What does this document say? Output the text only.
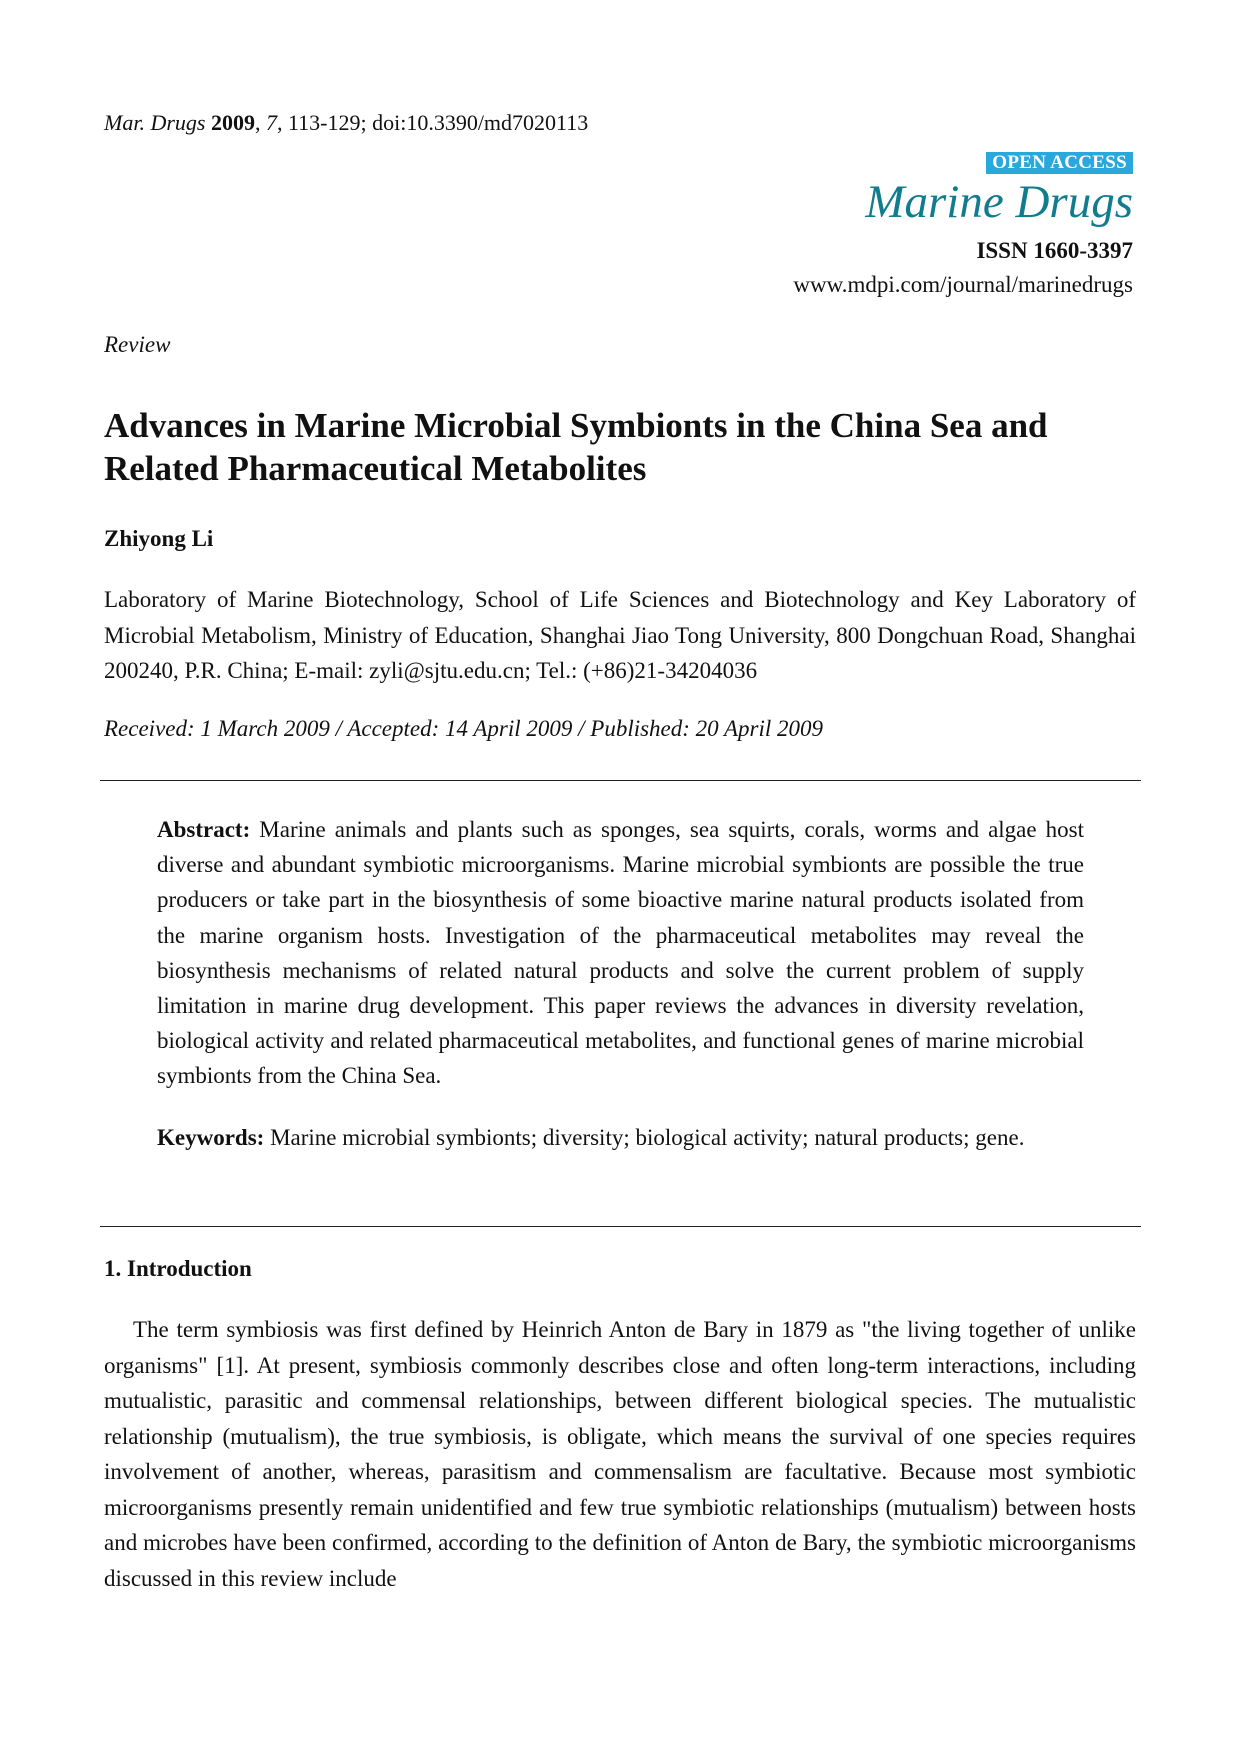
Mar. Drugs 2009, 7, 113-129; doi:10.3390/md7020113
OPEN ACCESS
Marine Drugs
ISSN 1660-3397
www.mdpi.com/journal/marinedrugs
Review
Advances in Marine Microbial Symbionts in the China Sea and Related Pharmaceutical Metabolites
Zhiyong Li

Laboratory of Marine Biotechnology, School of Life Sciences and Biotechnology and Key Laboratory of Microbial Metabolism, Ministry of Education, Shanghai Jiao Tong University, 800 Dongchuan Road, Shanghai 200240, P.R. China; E-mail: zyli@sjtu.edu.cn; Tel.: (+86)21-34204036

Received: 1 March 2009 / Accepted: 14 April 2009 / Published: 20 April 2009

Abstract: Marine animals and plants such as sponges, sea squirts, corals, worms and algae host diverse and abundant symbiotic microorganisms. Marine microbial symbionts are possible the true producers or take part in the biosynthesis of some bioactive marine natural products isolated from the marine organism hosts. Investigation of the pharmaceutical metabolites may reveal the biosynthesis mechanisms of related natural products and solve the current problem of supply limitation in marine drug development. This paper reviews the advances in diversity revelation, biological activity and related pharmaceutical metabolites, and functional genes of marine microbial symbionts from the China Sea.

Keywords: Marine microbial symbionts; diversity; biological activity; natural products; gene.

1. Introduction

The term symbiosis was first defined by Heinrich Anton de Bary in 1879 as "the living together of unlike organisms" [1]. At present, symbiosis commonly describes close and often long-term interactions, including mutualistic, parasitic and commensal relationships, between different biological species. The mutualistic relationship (mutualism), the true symbiosis, is obligate, which means the survival of one species requires involvement of another, whereas, parasitism and commensalism are facultative. Because most symbiotic microorganisms presently remain unidentified and few true symbiotic relationships (mutualism) between hosts and microbes have been confirmed, according to the definition of Anton de Bary, the symbiotic microorganisms discussed in this review include
